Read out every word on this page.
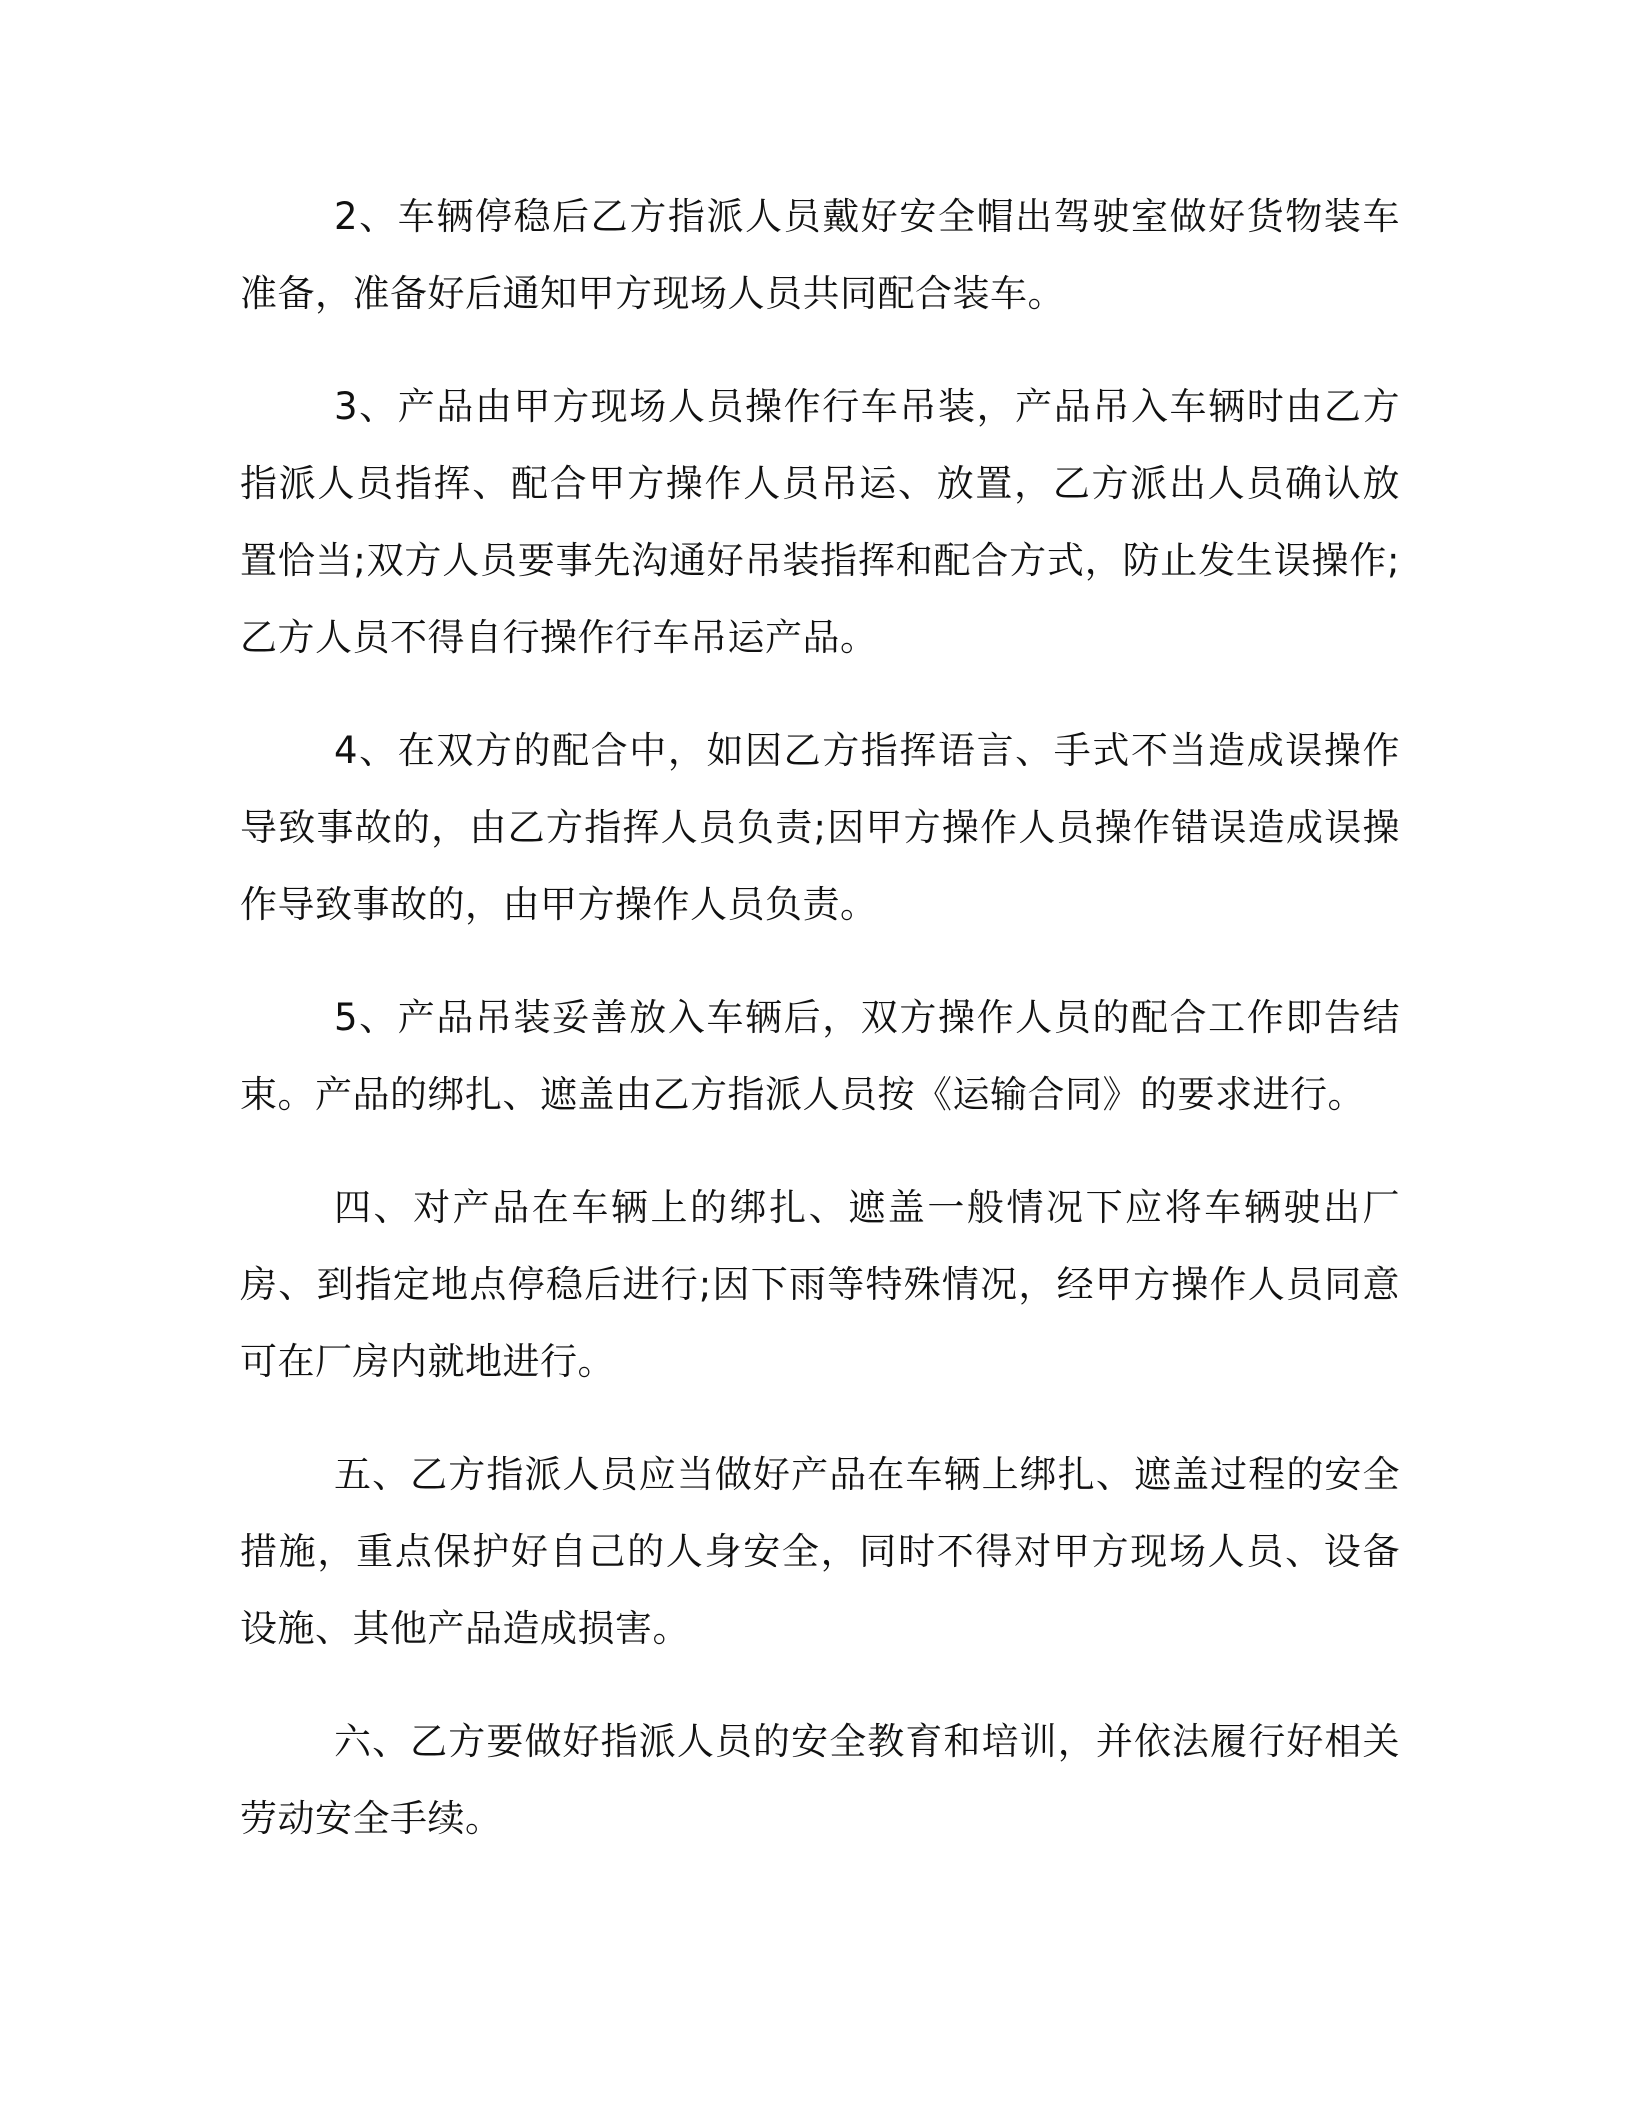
2、车辆停稳后乙方指派人员戴好安全帽出驾驶室做好货物装车准备，准备好后通知甲方现场人员共同配合装车。

3、产品由甲方现场人员操作行车吊装，产品吊入车辆时由乙方指派人员指挥、配合甲方操作人员吊运、放置，乙方派出人员确认放置恰当;双方人员要事先沟通好吊装指挥和配合方式，防止发生误操作;乙方人员不得自行操作行车吊运产品。

4、在双方的配合中，如因乙方指挥语言、手式不当造成误操作导致事故的，由乙方指挥人员负责;因甲方操作人员操作错误造成误操作导致事故的，由甲方操作人员负责。

5、产品吊装妥善放入车辆后，双方操作人员的配合工作即告结束。产品的绑扎、遮盖由乙方指派人员按《运输合同》的要求进行。

四、对产品在车辆上的绑扎、遮盖一般情况下应将车辆驶出厂房、到指定地点停稳后进行;因下雨等特殊情况，经甲方操作人员同意可在厂房内就地进行。

五、乙方指派人员应当做好产品在车辆上绑扎、遮盖过程的安全措施，重点保护好自己的人身安全，同时不得对甲方现场人员、设备设施、其他产品造成损害。

六、乙方要做好指派人员的安全教育和培训，并依法履行好相关劳动安全手续。
